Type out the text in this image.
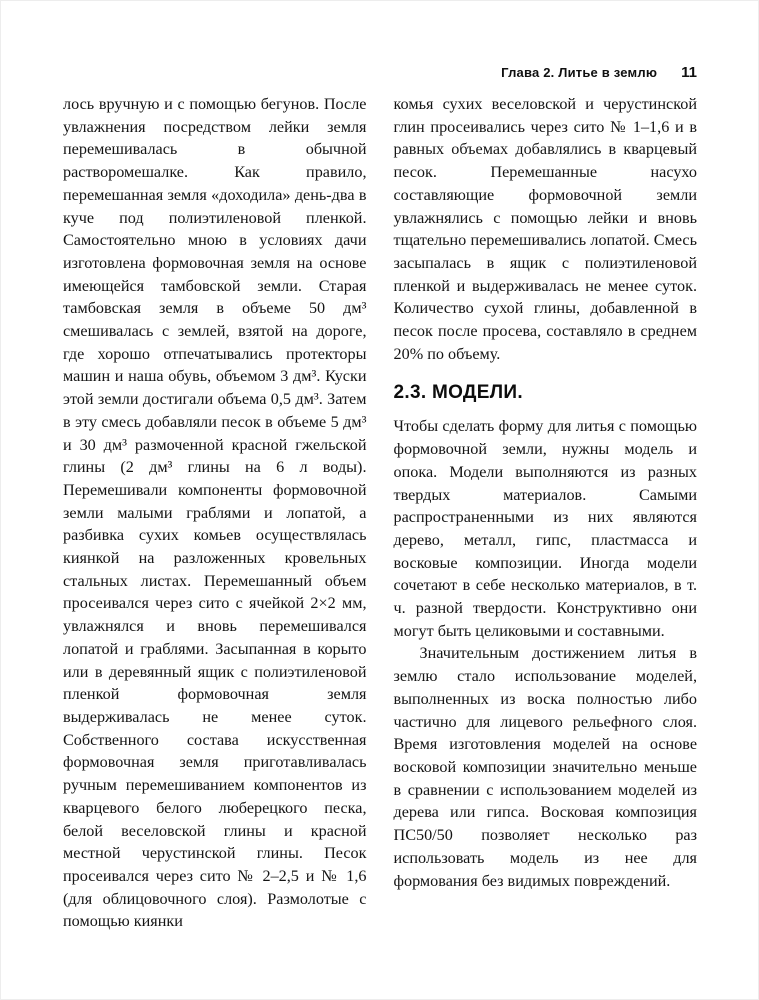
Глава 2. Литье в землю 11

лось вручную и с помощью бегунов. После увлажнения посредством лейки земля перемешивалась в обычной растворомешалке. Как правило, перемешанная земля «доходила» день-два в куче под полиэтиленовой пленкой. Самостоятельно мною в условиях дачи изготовлена формовочная земля на основе имеющейся тамбовской земли. Старая тамбовская земля в объеме 50 дм³ смешивалась с землей, взятой на дороге, где хорошо отпечатывались протекторы машин и наша обувь, объемом 3 дм³. Куски этой земли достигали объема 0,5 дм³. Затем в эту смесь добавляли песок в объеме 5 дм³ и 30 дм³ размоченной красной гжельской глины (2 дм³ глины на 6 л воды). Перемешивали компоненты формовочной земли малыми граблями и лопатой, а разбивка сухих комьев осуществлялась киянкой на разложенных кровельных стальных листах. Перемешанный объем просеивался через сито с ячейкой 2×2 мм, увлажнялся и вновь перемешивался лопатой и граблями. Засыпанная в корыто или в деревянный ящик с полиэтиленовой пленкой формовочная земля выдерживалась не менее суток. Собственного состава искусственная формовочная земля приготавливалась ручным перемешиванием компонентов из кварцевого белого люберецкого песка, белой веселовской глины и красной местной черустинской глины. Песок просеивался через сито № 2–2,5 и № 1,6 (для облицовочного слоя). Размолотые с помощью киянки

комья сухих веселовской и черустинской глин просеивались через сито № 1–1,6 и в равных объемах добавлялись в кварцевый песок. Перемешанные насухо составляющие формовочной земли увлажнялись с помощью лейки и вновь тщательно перемешивались лопатой. Смесь засыпалась в ящик с полиэтиленовой пленкой и выдерживалась не менее суток. Количество сухой глины, добавленной в песок после просева, составляло в среднем 20% по объему.

2.3. МОДЕЛИ.

Чтобы сделать форму для литья с помощью формовочной земли, нужны модель и опока. Модели выполняются из разных твердых материалов. Самыми распространенными из них являются дерево, металл, гипс, пластмасса и восковые композиции. Иногда модели сочетают в себе несколько материалов, в т. ч. разной твердости. Конструктивно они могут быть целиковыми и составными.

Значительным достижением литья в землю стало использование моделей, выполненных из воска полностью либо частично для лицевого рельефного слоя. Время изготовления моделей на основе восковой композиции значительно меньше в сравнении с использованием моделей из дерева или гипса. Восковая композиция ПС50/50 позволяет несколько раз использовать модель из нее для формования без видимых повреждений.
